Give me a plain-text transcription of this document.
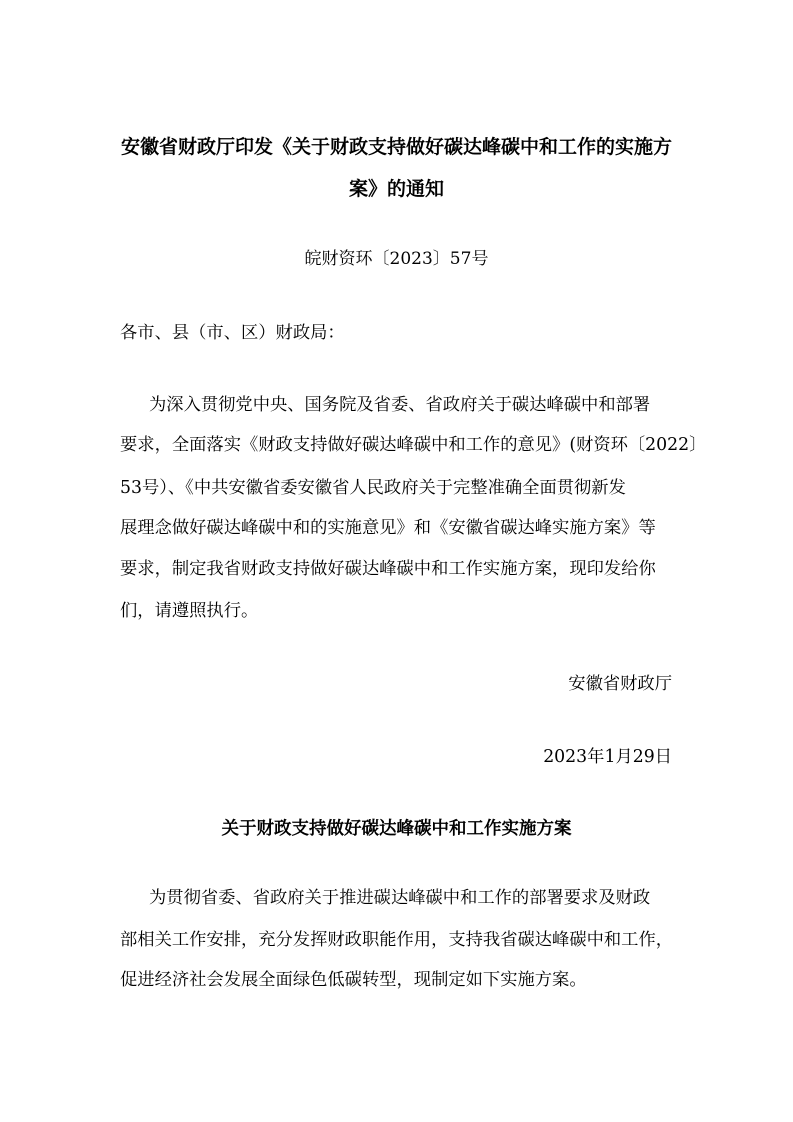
安徽省财政厅印发《关于财政支持做好碳达峰碳中和工作的实施方
案》的通知
皖财资环〔2023〕57号
各市、县（市、区）财政局：
为深入贯彻党中央、国务院及省委、省政府关于碳达峰碳中和部署
要求，全面落实《财政支持做好碳达峰碳中和工作的意见》(财资环〔2022〕
53号）、《中共安徽省委安徽省人民政府关于完整准确全面贯彻新发
展理念做好碳达峰碳中和的实施意见》和《安徽省碳达峰实施方案》等
要求，制定我省财政支持做好碳达峰碳中和工作实施方案，现印发给你
们，请遵照执行。
安徽省财政厅
2023年1月29日
关于财政支持做好碳达峰碳中和工作实施方案
为贯彻省委、省政府关于推进碳达峰碳中和工作的部署要求及财政
部相关工作安排，充分发挥财政职能作用，支持我省碳达峰碳中和工作，
促进经济社会发展全面绿色低碳转型，现制定如下实施方案。
